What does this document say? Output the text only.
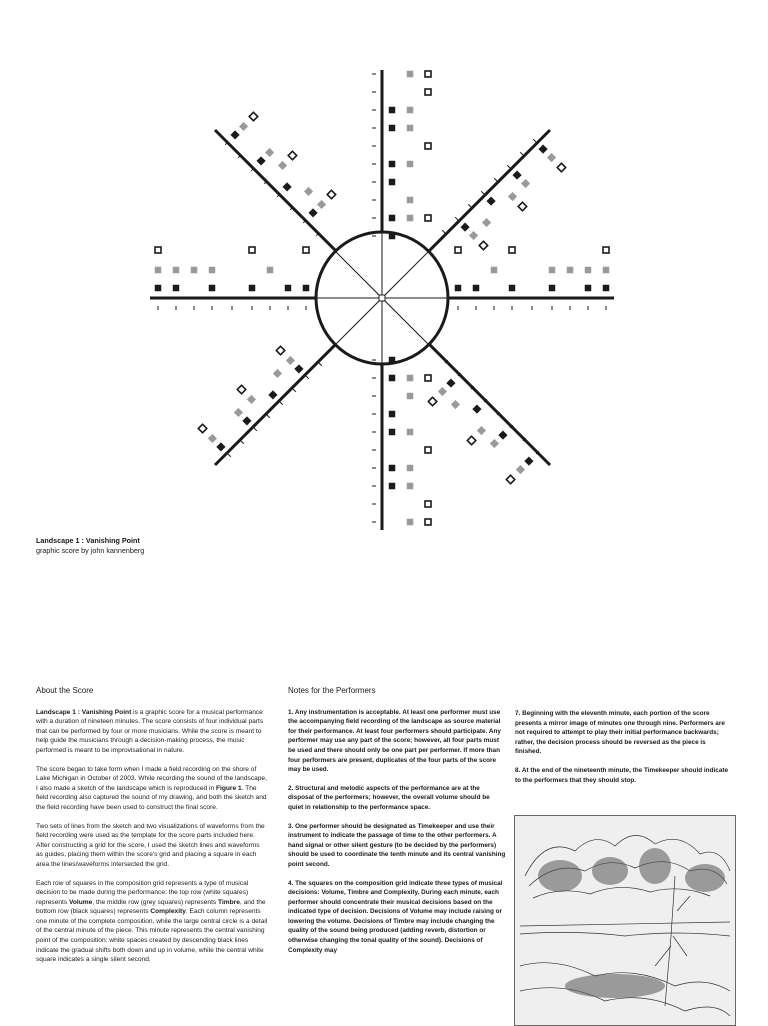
Landscape 1 : Vanishing Point
graphic score by john kannenberg
About the Score

Landscape 1 : Vanishing Point is a graphic score for a musical performance with a duration of nineteen minutes. The score consists of four individual parts that can be performed by four or more musicians. While the score is meant to help guide the musicians through a decision-making process, the music performed is meant to be improvisational in nature.

The score began to take form when I made a field recording on the shore of Lake Michigan in October of 2003. While recording the sound of the landscape, I also made a sketch of the landscape which is reproduced in Figure 1. The field recording also captured the sound of my drawing, and both the sketch and the field recording have been used to construct the final score.

Two sets of lines from the sketch and two visualizations of waveforms from the field recording were used as the template for the score parts included here. After constructing a grid for the score, I used the sketch lines and waveforms as guides, placing them within the score's grid and placing a square in each area the lines/waveforms intersected the grid.

Each row of squares in the composition grid represents a type of musical decision to be made during the performance: the top row (white squares) represents Volume, the middle row (grey squares) represents Timbre, and the bottom row (black squares) represents Complexity. Each column represents one minute of the complete composition, while the large central circle is a detail of the central minute of the piece. This minute represents the central vanishing point of the composition: white spaces created by descending black lines indicate the gradual shifts both down and up in volume, while the central white square indicates a single silent second.

Notes for the Performers

1. Any instrumentation is acceptable. At least one performer must use the accompanying field recording of the landscape as source material for their performance. At least four performers should participate. Any performer may use any part of the score; however, all four parts must be used and there should only be one part per performer. If more than four performers are present, duplicates of the four parts of the score may be used.

2. Structural and melodic aspects of the performance are at the disposal of the performers; however, the overall volume should be quiet in relationship to the performance space.

3. One performer should be designated as Timekeeper and use their instrument to indicate the passage of time to the other performers. A hand signal or other silent gesture (to be decided by the performers) should be used to coordinate the tenth minute and its central vanishing point second.

4. The squares on the composition grid indicate three types of musical decisions: Volume, Timbre and Complexity. During each minute, each performer should concentrate their musical decisions based on the indicated type of decision. Decisions of Volume may include raising or lowering the volume. Decisions of Timbre may include changing the quality of the sound being produced (adding reverb, distortion or otherwise changing the tonal quality of the sound). Decisions of Complexity may

7. Beginning with the eleventh minute, each portion of the score presents a mirror image of minutes one through nine. Performers are not required to attempt to play their initial performance backwards; rather, the decision process should be reversed as the piece is finished.

8. At the end of the nineteenth minute, the Timekeeper should indicate to the performers that they should stop.
